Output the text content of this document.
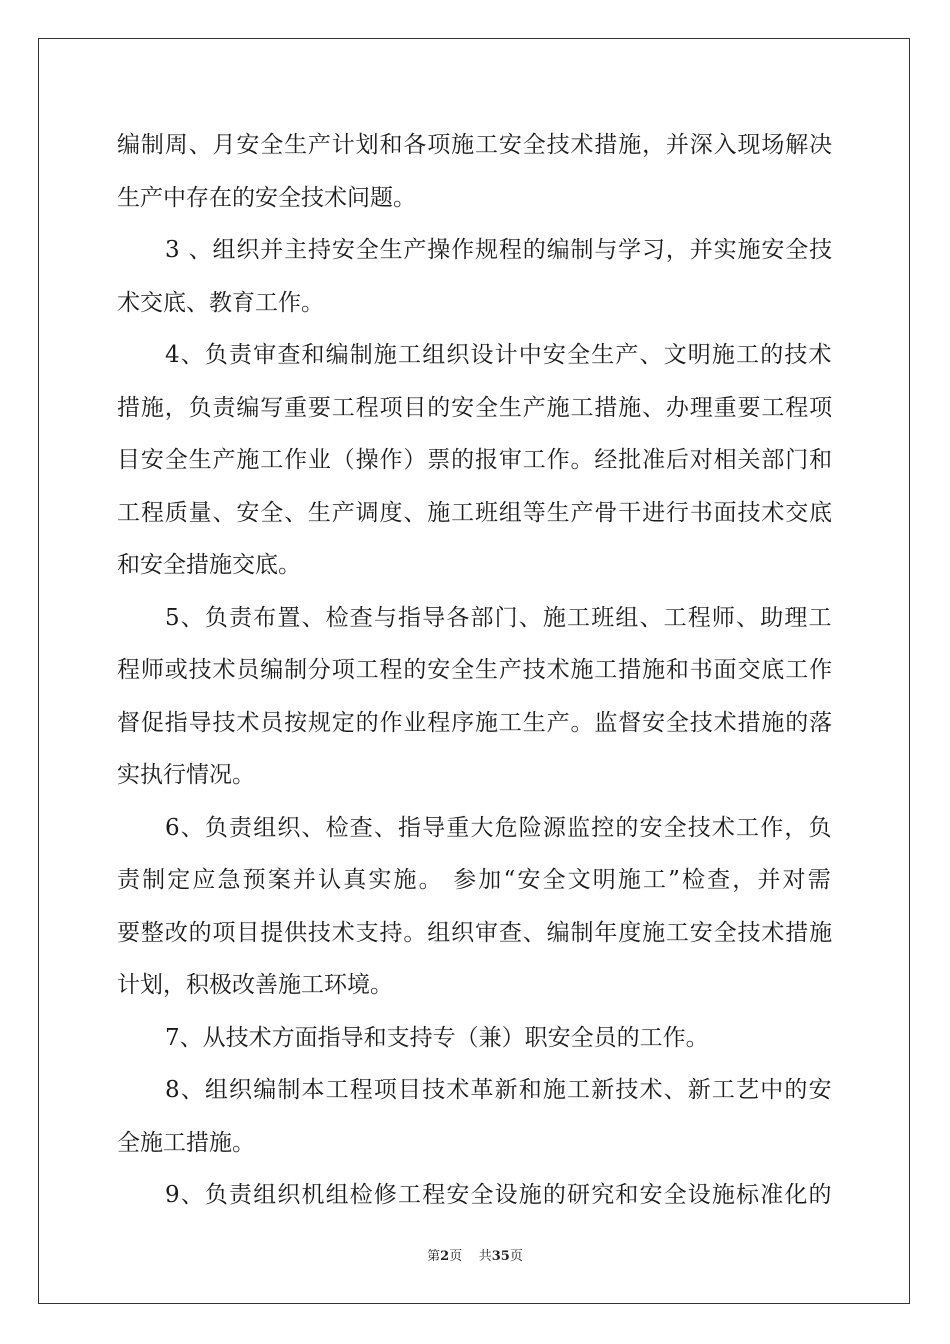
编制周、月安全生产计划和各项施工安全技术措施，并深入现场解决
生产中存在的安全技术问题。
3 、组织并主持安全生产操作规程的编制与学习，并实施安全技
术交底、教育工作。
4、负责审查和编制施工组织设计中安全生产、文明施工的技术
措施，负责编写重要工程项目的安全生产施工措施、办理重要工程项
目安全生产施工作业（操作）票的报审工作。经批准后对相关部门和
工程质量、安全、生产调度、施工班组等生产骨干进行书面技术交底
和安全措施交底。
5、负责布置、检查与指导各部门、施工班组、工程师、助理工
程师或技术员编制分项工程的安全生产技术施工措施和书面交底工作
督促指导技术员按规定的作业程序施工生产。监督安全技术措施的落
实执行情况。
6、负责组织、检查、指导重大危险源监控的安全技术工作，负
责制定应急预案并认真实施。 参加“安全文明施工”检查，并对需
要整改的项目提供技术支持。组织审查、编制年度施工安全技术措施
计划，积极改善施工环境。
7、从技术方面指导和支持专（兼）职安全员的工作。
8、组织编制本工程项目技术革新和施工新技术、新工艺中的安
全施工措施。
9、负责组织机组检修工程安全设施的研究和安全设施标准化的
第2页 共35页
